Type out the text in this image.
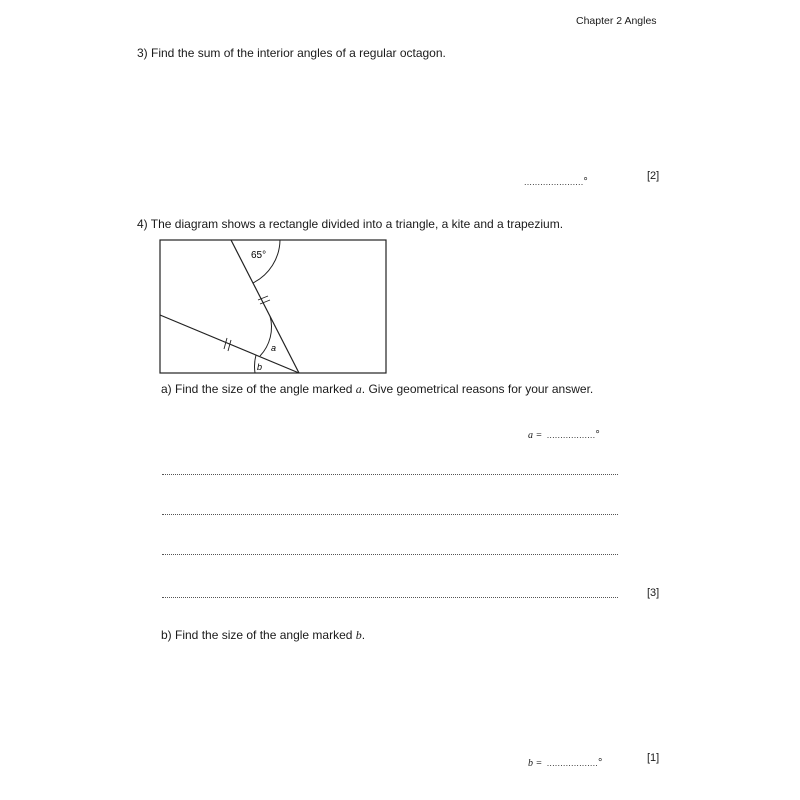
Chapter 2 Angles
3) Find the sum of the interior angles of a regular octagon.
......................°	[2]
4) The diagram shows a rectangle divided into a triangle, a kite and a trapezium.
65°
a
b
a) Find the size of the angle marked a. Give geometrical reasons for your answer.
a = ..................°
[3]
b) Find the size of the angle marked b.
b = ...................°	[1]
